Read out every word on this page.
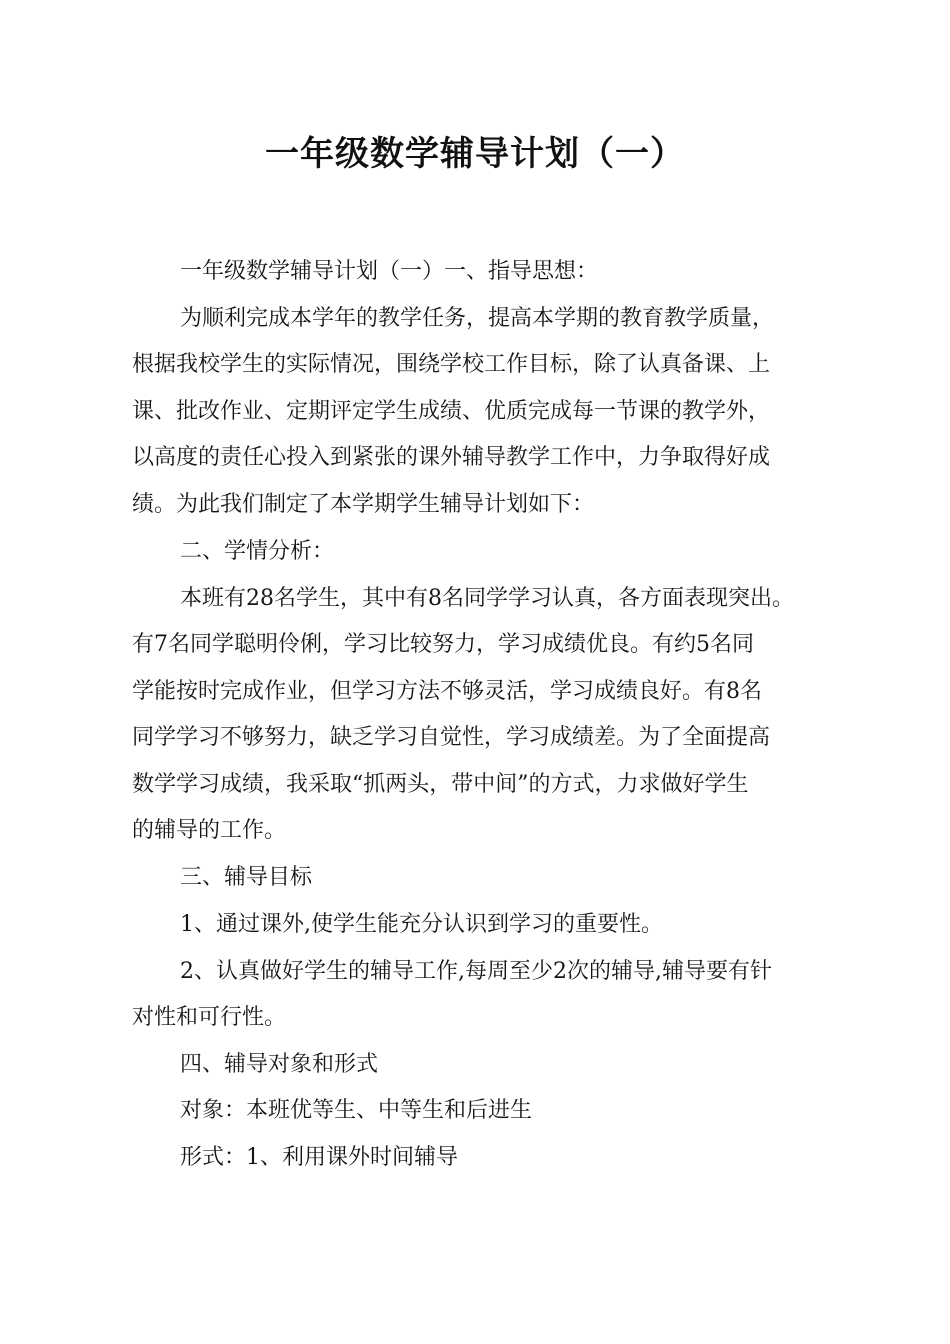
一年级数学辅导计划（一）
一年级数学辅导计划（一）一、指导思想：
为顺利完成本学年的教学任务，提高本学期的教育教学质量，
根据我校学生的实际情况，围绕学校工作目标，除了认真备课、上
课、批改作业、定期评定学生成绩、优质完成每一节课的教学外，
以高度的责任心投入到紧张的课外辅导教学工作中，力争取得好成
绩。为此我们制定了本学期学生辅导计划如下：
二、学情分析：
本班有28名学生，其中有8名同学学习认真，各方面表现突出。
有7名同学聪明伶俐，学习比较努力，学习成绩优良。有约5名同
学能按时完成作业，但学习方法不够灵活，学习成绩良好。有8名
同学学习不够努力，缺乏学习自觉性，学习成绩差。为了全面提高
数学学习成绩，我采取“抓两头，带中间”的方式，力求做好学生
的辅导的工作。
三、辅导目标
1、通过课外,使学生能充分认识到学习的重要性。
2、认真做好学生的辅导工作,每周至少2次的辅导,辅导要有针
对性和可行性。
四、辅导对象和形式
对象：本班优等生、中等生和后进生
形式：1、利用课外时间辅导
